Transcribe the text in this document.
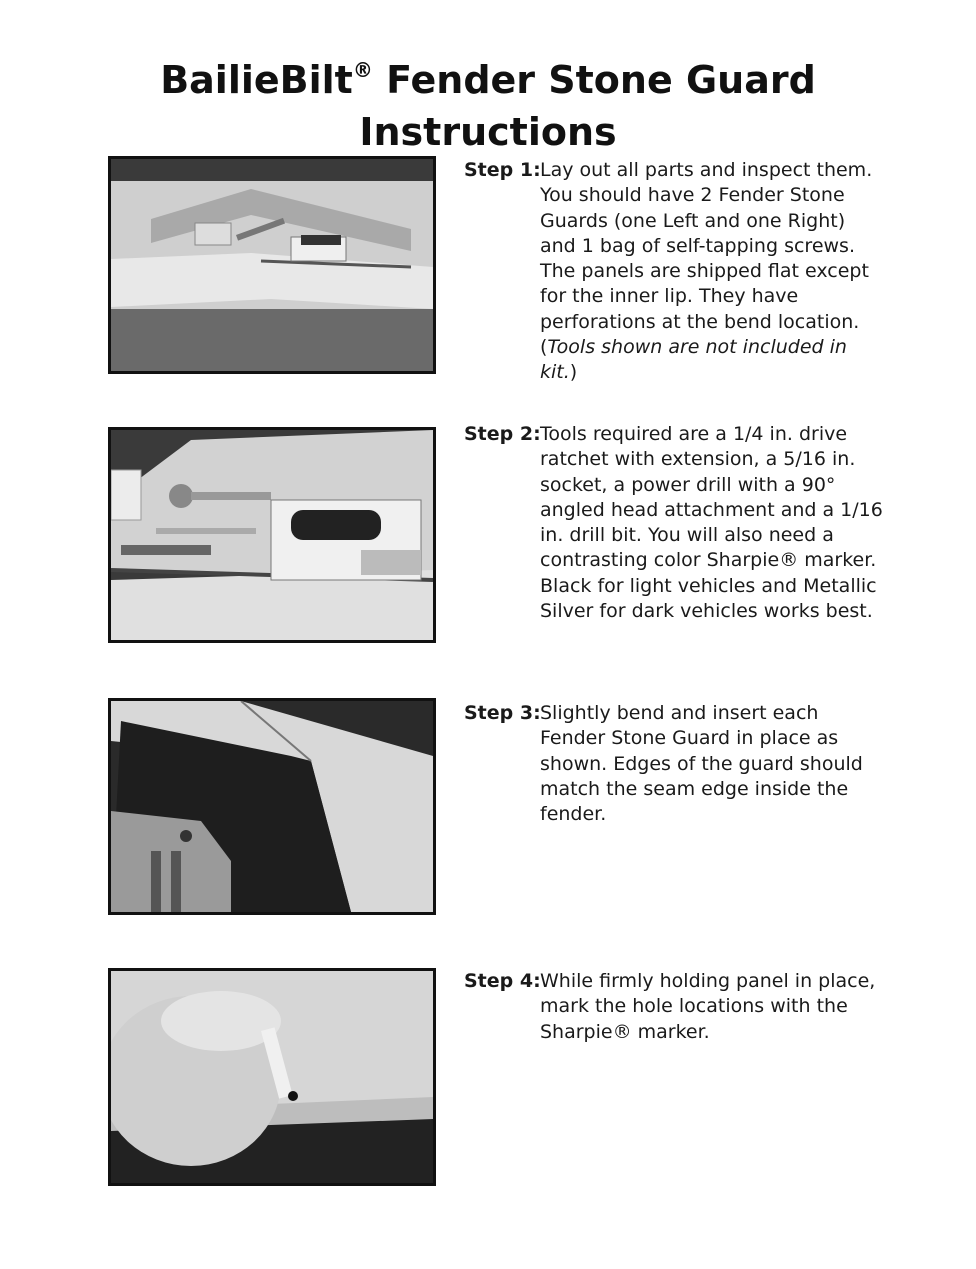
BailieBilt® Fender Stone Guard
Instructions
Step 1: Lay out all parts and inspect them. You should have 2 Fender Stone Guards (one Left and one Right) and 1 bag of self-tapping screws. The panels are shipped flat except for the inner lip. They have perforations at the bend location. (Tools shown are not included in kit.)
Step 2: Tools required are a 1/4 in. drive ratchet with extension, a 5/16 in. socket, a power drill with a 90° angled head attachment and a 1/16 in. drill bit. You will also need a contrasting color Sharpie® marker. Black for light vehicles and Metallic Silver for dark vehicles works best.
Step 3: Slightly bend and insert each Fender Stone Guard in place as shown. Edges of the guard should match the seam edge inside the fender.
Step 4: While firmly holding panel in place, mark the hole locations with the Sharpie® marker.
